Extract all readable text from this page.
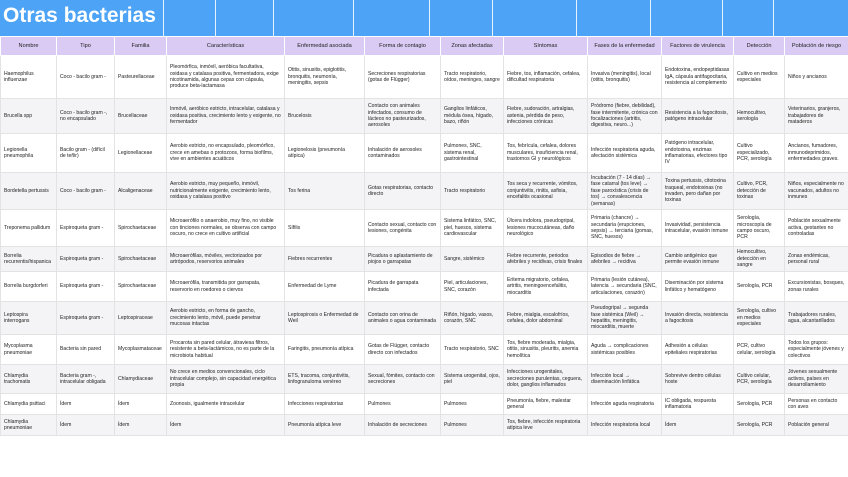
Otras bacterias
Nombre	Tipo	Familia	Características	Enfermedad asociada	Forma de contagio	Zonas afectadas	Síntomas	Fases de la enfermedad	Factores de virulencia	Detección	Población de riesgo
Haemophilus influenzae	Coco - bacilo gram -	Pasteurellaceae	Pleomórfica, inmóvil, aeróbica facultativa, oxidasa y catalasa positiva, fermentadora, exige nicotinamida, algunas cepas con cápsula, produce beta-lactamasa	Otitis, sinusitis, epiglotitis, bronquitis, neumonía, meningitis, sepsis	Secreciones respiratorias (gotas de Flügger)	Tracto respiratorio, oídos, meninges, sangre	Fiebre, tos, inflamación, cefalea, dificultad respiratoria	Invasiva (meningitis), local (otitis, bronquitis)	Endotoxina, endopeptidasas IgA, cápsula antifagocitaria, resistencia al complemento	Cultivo en medios especiales	Niños y ancianos
Brucella spp	Coco - bacilo gram -, no encapsulado	Brucellaceae	Inmóvil, aeróbico estricto, intracelular, catalasa y oxidasa positiva, crecimiento lento y exigente, no fermentador	Brucelosis	Contacto con animales infectados, consumo de lácteos no pasteurizados, aerosoles	Ganglios linfáticos, médula ósea, hígado, bazo, riñón	Fiebre, sudoración, artralgias, astenia, pérdida de peso, infecciones crónicas	Pródromo (fiebre, debilidad), fase intermitente, crónica con focalizaciones (artritis, digestiva, neuro...)	Resistencia a la fagocitosis, patógeno intracelular	Hemocultivo, serología	Veterinarios, granjeros, trabajadores de mataderos
Legionella pneumophila	Bacilo gram - (difícil de teñir)	Legionellaceae	Aerobio estricto, no encapsulado, pleomórfico, crece en amebas o protozoos, forma biofilms, vive en ambientes acuáticos	Legionelosis (pneumonía atípica)	Inhalación de aerosoles contaminados	Pulmones, SNC, sistema renal, gastrointestinal	Tos, febrícula, cefalea, dolores musculares, insuficiencia renal, trastornos GI y neurológicos	Infección respiratoria aguda, afectación sistémica	Patógeno intracelular, endotoxina, enzimas inflamatorias, efectores tipo IV	Cultivo especializado, PCR, serología	Ancianos, fumadores, inmunodeprimidos, enfermedades graves.
Bordetella pertussis	Coco - bacilo gram -	Alcaligenaceae	Aerobio estricto, muy pequeño, inmóvil, nutricionalmente exigente, crecimiento lento, oxidasa y catalasa positivo	Tos ferina	Gotas respiratorias, contacto directo	Tracto respiratorio	Tos seca y recurrente, vómitos, conjuntivitis, rinitis, asfixia, encefalitis ocasional	Incubación (7 - 14 días) → fase catarral (tos leve) → fase paroxística (crisis de tos) → convalescencia (semanas)	Toxina pertussis, citotoxina traqueal, endotoxinas (no invaden, pero dañan por toxinas	Cultivo, PCR, detección de toxinas	Niños, especialmente no vacunados, adultos no inmunes
Treponema pallidum	Espiroqueta gram -	Spirochaetaceae	Microaerófilo o anaerobio, muy fino, no visible con tinciones normales, se observa con campo oscuro, no crece en cultivo artificial	Sífilis	Contacto sexual, contacto con lesiones, congénita	Sistema linfático, SNC, piel, huesos, sistema cardiovascular	Úlcera indolora, pseudogripal, lesiones mucocutáneas, daño neurológico	Primaria (chancre) → secundaria (erupciones, sepsis) → terciaria (gomas, SNC, huesos)	Invasividad, persistencia intracelular, evasión inmune	Serología, microscopía de campo oscuro, PCR	Población sexualmente activa, gestantes no controladas
Borrelia recurrentis/hispanica	Espiroqueta gram -	Spirochaetaceae	Microaerófilas, móviles, vectorizados por artrópodos, reservorios animales	Fiebres recurrentes	Picadura o aplastamiento de piojos o garrapatas	Sangre, sistémico	Fiebre recurrente, periodos afebriles y recidivas, crisis finales	Episodios de fiebre → afebriles → recidiva	Cambio antigénico que permite evasión inmune	Hemocultivo, detección en sangre	Zonas endémicas, personal rural
Borrelia burgdorferi	Espiroqueta gram -	Spirochaetaceae	Microaerófila, transmitida por garrapata, reservorio en roedores o ciervos	Enfermedad de Lyme	Picadura de garrapata infectada	Piel, articulaciones, SNC, corazón	Eritema migratorio, cefalea, artritis, meningoencefalitis, miocarditis	Primaria (lesión cutánea), latencia → secundaria (SNC, articulaciones, corazón)	Diseminación por sistema linfático y hematógeno	Serología, PCR	Excursionistas, bosques, zonas rurales
Leptospira interrogans	Espiroqueta gram -	Leptospiraceae	Aerobio estricto, en forma de gancho, crecimiento lento, móvil, puede penetrar mucosas intactas	Leptospirosis o Enfermedad de Weil	Contacto con orina de animales o agua contaminada	Riñón, hígado, vasos, corazón, SNC	Fiebre, mialgia, escalofríos, cefalea, dolor abdominal	Pseudogripal → segunda fase sistémica (Weil) → hepatitis, meningitis, miocarditis, muerte	Invasión directa, resistencia a fagocitosis	Serología, cultivo en medios especiales	Trabajadores rurales, agua, alcantarillados
Mycoplasma pneumoniae	Bacteria sin pared	Mycoplasmataceae	Procarota sin pared celular, átraviesa filtros, resistente a beta-lactámicos, no es parte de la microbiota habitual	Faringitis, pneumonía atípica	Gotas de Flügger, contacto directo con infectados	Tracto respiratorio, SNC	Tos, fiebre moderada, mialgia, otitis, sinusitis, pleuritis, anemia hemolítica	Aguda → complicaciones sistémicas posibles	Adhesión a células epiteliales respiratorias	PCR, cultivo celular, serología	Todos los grupos: especialmente jóvenes y colectivos
Chlamydia trachomatis	Bacteria gram -, intracelular obligada	Chlamydiaceae	No crece en medios convencionales, ciclo intracelular complejo, sin capacidad energética propia	ETS, tracoma, conjuntivitis, linfogranuloma venéreo	Sexual, fómites, contacto con secreciones	Sistema urogenital, ojos, piel	Infecciones urogenitales, secreciones purulentas, ceguera, dolor, ganglios inflamados	Infección local → diseminación linfática	Sobrevive dentro células hoste	Cultivo celular, PCR, serología	Jóvenes sexualmente activos, países en desarrollamiento
Chlamydia psittaci	Ídem	Ídem	Zoonosis, igualmente intracelular	Infecciones respiratorias	Pulmones	Pulmones	Pneumonía, fiebre, malestar general	Infección aguda respiratoria	IC obligada, respuesta inflamatoria	Serología, PCR	Personas en contacto con aves
Chlamydia pneumoniae	Ídem	Ídem	Ídem	Pneumonía atípica leve	Inhalación de secreciones	Pulmones	Tos, fiebre, infección respiratoria atípica leve	Infección respiratoria local	Ídem	Serología, PCR	Población general
